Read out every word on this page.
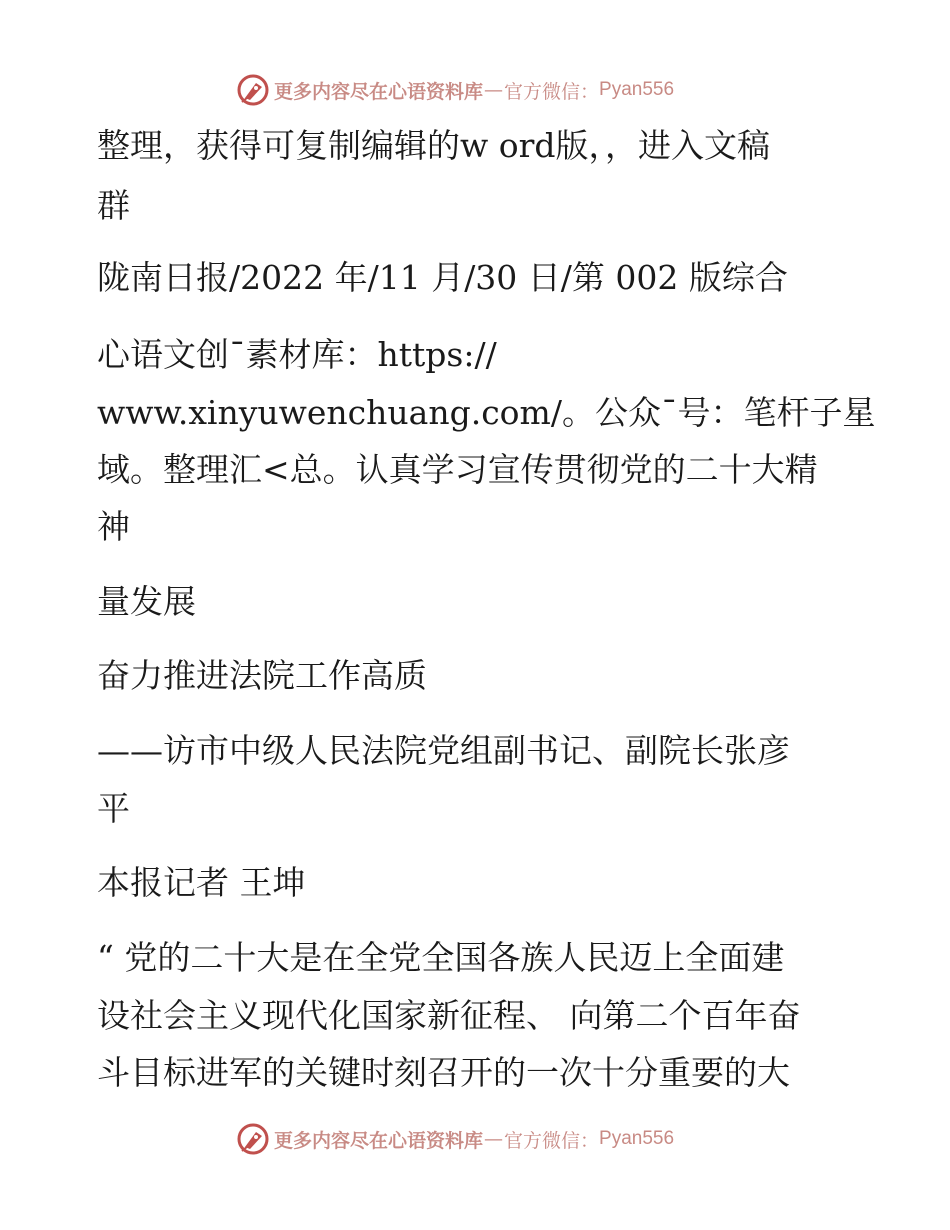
更多内容尽在心语资料库 — 官方微信： Pyan556
整理，获得可复制编辑的w ord版，，进入文稿
群
陇南日报/2022 年/11 月/30 日/第 002 版综合
心语文创¯素材库：https://
www.xinyuwenchuang.com/。公众¯号：笔杆子星
域。整理汇<总。认真学习宣传贯彻党的二十大精
神
量发展
奋力推进法院工作高质
——访市中级人民法院党组副书记、副院长张彦
平
本报记者 王坤
“ 党的二十大是在全党全国各族人民迈上全面建
设社会主义现代化国家新征程、 向第二个百年奋
斗目标进军的关键时刻召开的一次十分重要的大
更多内容尽在心语资料库 — 官方微信： Pyan556
